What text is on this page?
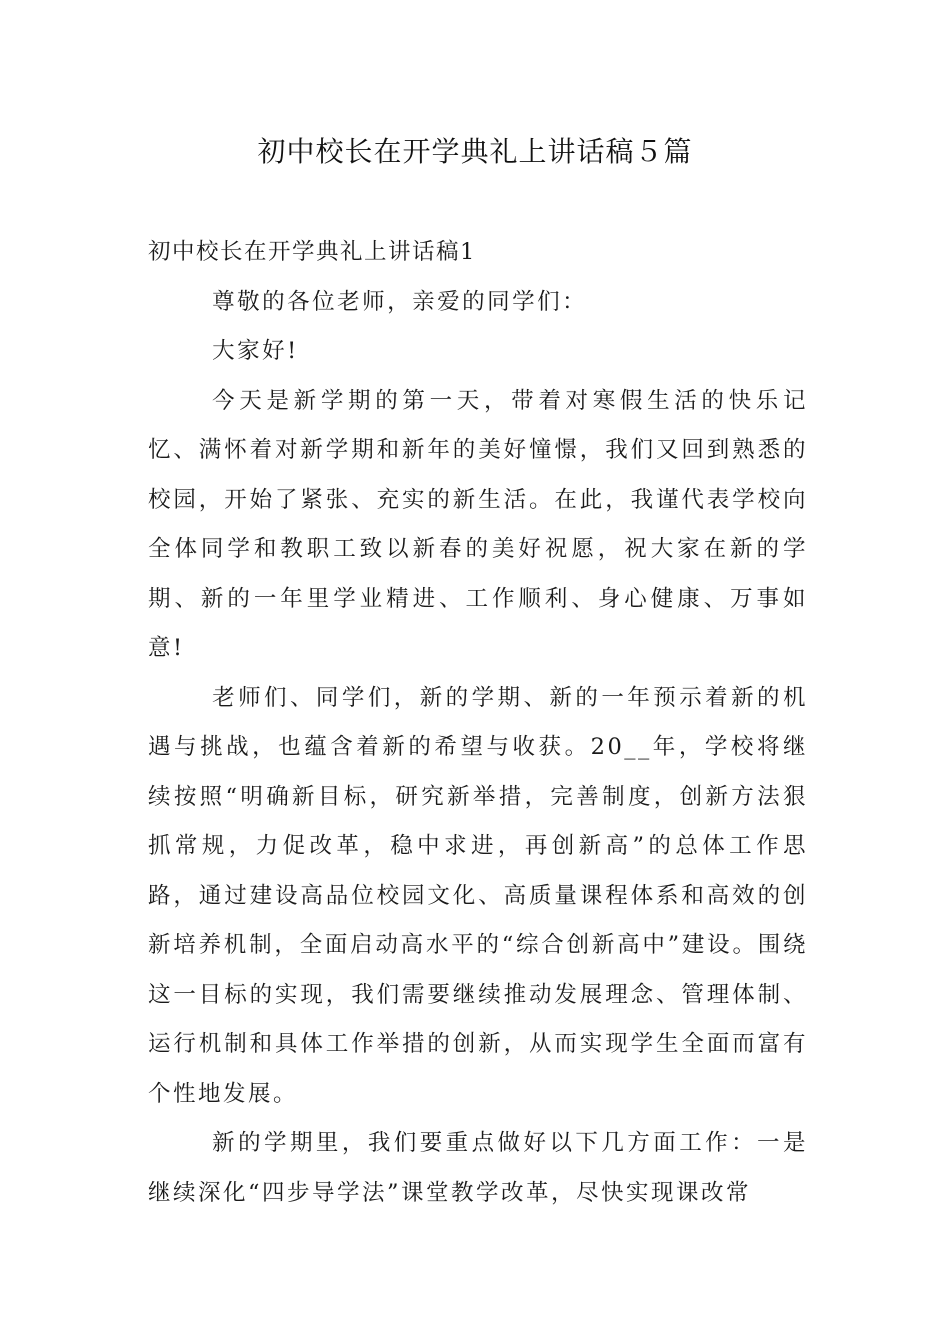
初中校长在开学典礼上讲话稿５篇

初中校长在开学典礼上讲话稿1

尊敬的各位老师，亲爱的同学们：

大家好!

今天是新学期的第一天，带着对寒假生活的快乐记忆、满怀着对新学期和新年的美好憧憬，我们又回到熟悉的校园，开始了紧张、充实的新生活。在此，我谨代表学校向全体同学和教职工致以新春的美好祝愿，祝大家在新的学期、新的一年里学业精进、工作顺利、身心健康、万事如意!

老师们、同学们，新的学期、新的一年预示着新的机遇与挑战，也蕴含着新的希望与收获。20__年，学校将继续按照“明确新目标，研究新举措，完善制度，创新方法狠抓常规，力促改革，稳中求进，再创新高”的总体工作思路，通过建设高品位校园文化、高质量课程体系和高效的创新培养机制，全面启动高水平的“综合创新高中”建设。围绕这一目标的实现，我们需要继续推动发展理念、管理体制、运行机制和具体工作举措的创新，从而实现学生全面而富有个性地发展。

新的学期里，我们要重点做好以下几方面工作：一是继续深化“四步导学法”课堂教学改革，尽快实现课改常
